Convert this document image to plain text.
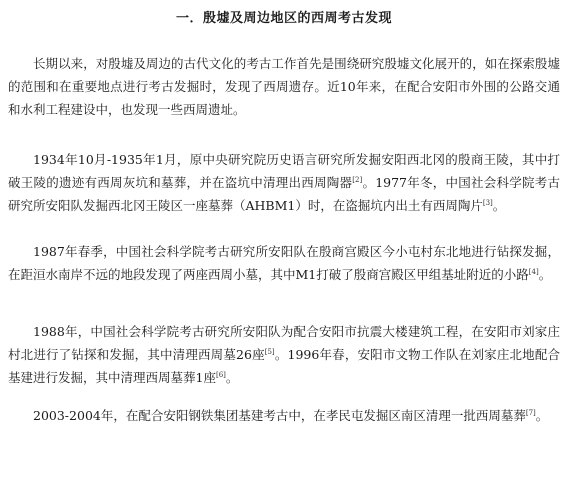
一．殷墟及周边地区的西周考古发现

长期以来，对殷墟及周边的古代文化的考古工作首先是围绕研究殷墟文化展开的，如在探索殷墟的范围和在重要地点进行考古发掘时，发现了西周遗存。近10年来，在配合安阳市外围的公路交通和水利工程建设中，也发现一些西周遗址。

1934年10月-1935年1月，原中央研究院历史语言研究所发掘安阳西北冈的殷商王陵，其中打破王陵的遗迹有西周灰坑和墓葬，并在盗坑中清理出西周陶器[2]。1977年冬，中国社会科学院考古研究所安阳队发掘西北冈王陵区一座墓葬（AHBM1）时，在盗掘坑内出土有西周陶片[3]。

1987年春季，中国社会科学院考古研究所安阳队在殷商宫殿区今小屯村东北地进行钻探发掘，在距洹水南岸不远的地段发现了两座西周小墓，其中M1打破了殷商宫殿区甲组基址附近的小路[4]。

1988年，中国社会科学院考古研究所安阳队为配合安阳市抗震大楼建筑工程，在安阳市刘家庄村北进行了钻探和发掘，其中清理西周墓26座[5]。1996年春，安阳市文物工作队在刘家庄北地配合基建进行发掘，其中清理西周墓葬1座[6]。

2003-2004年，在配合安阳钢铁集团基建考古中，在孝民屯发掘区南区清理一批西周墓葬[7]。
